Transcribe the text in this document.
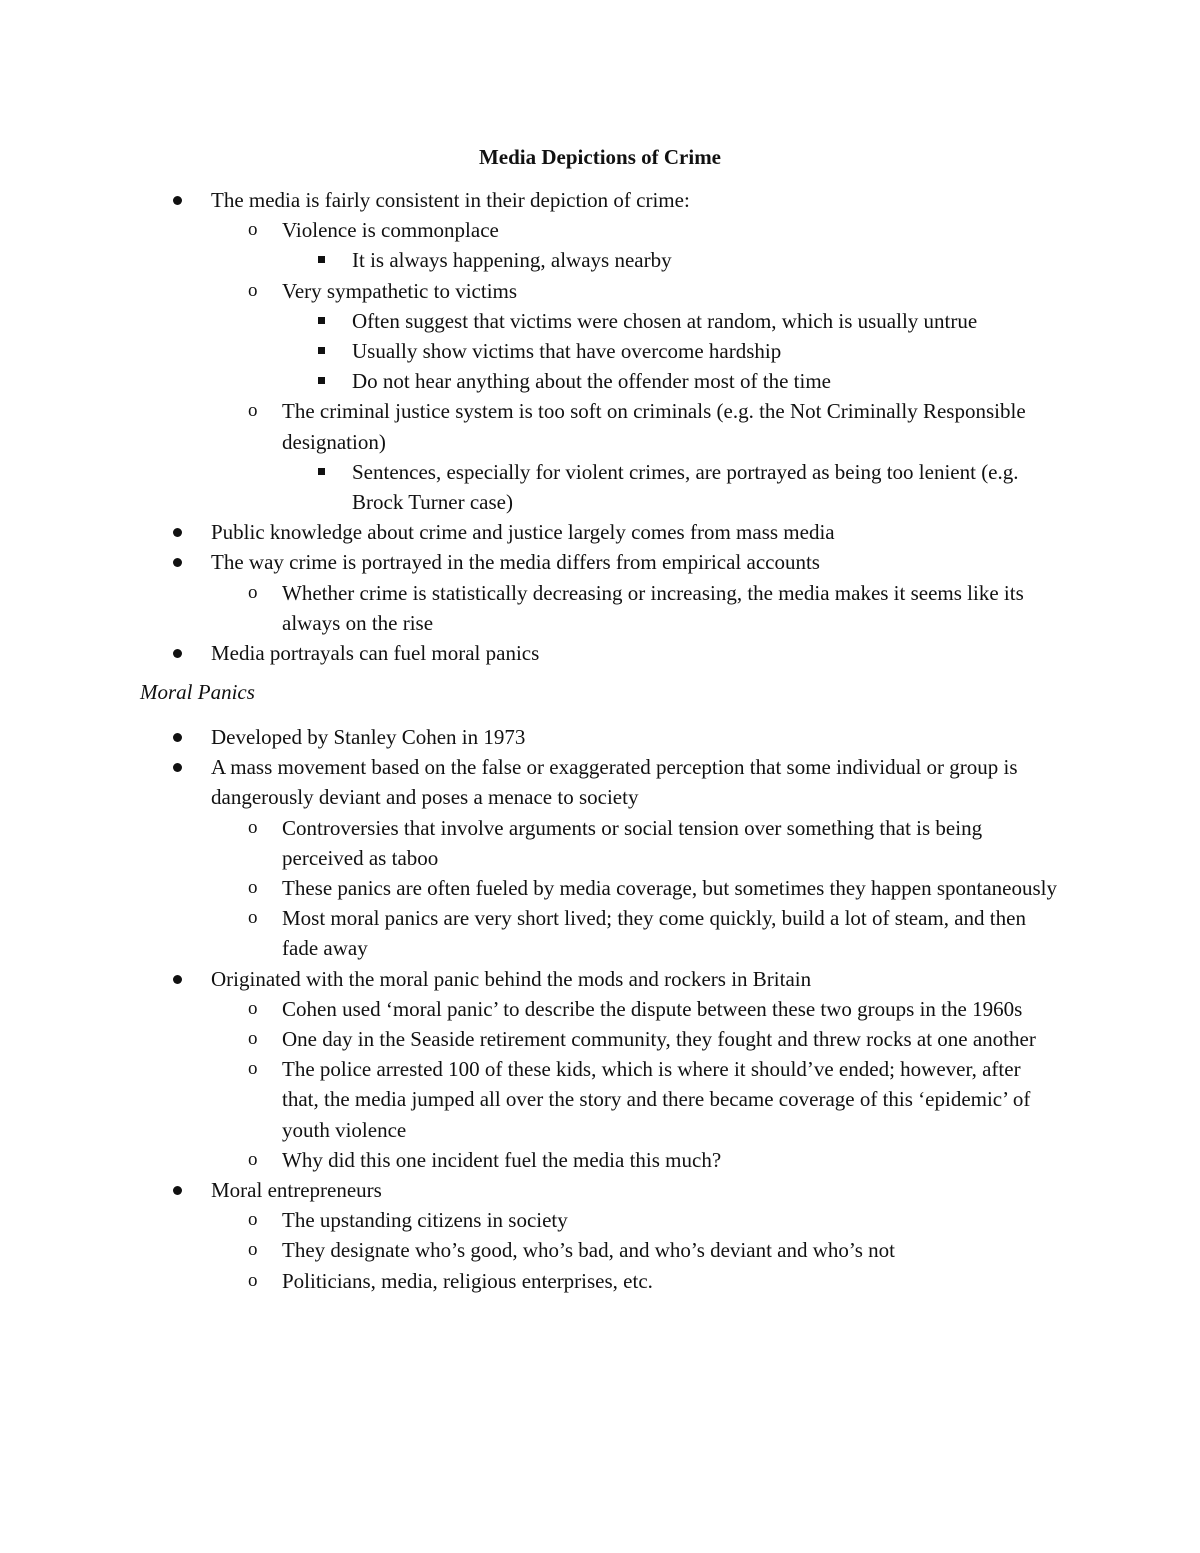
Media Depictions of Crime
The media is fairly consistent in their depiction of crime:
o Violence is commonplace
It is always happening, always nearby
o Very sympathetic to victims
Often suggest that victims were chosen at random, which is usually untrue
Usually show victims that have overcome hardship
Do not hear anything about the offender most of the time
o The criminal justice system is too soft on criminals (e.g. the Not Criminally Responsible designation)
Sentences, especially for violent crimes, are portrayed as being too lenient (e.g. Brock Turner case)
Public knowledge about crime and justice largely comes from mass media
The way crime is portrayed in the media differs from empirical accounts
o Whether crime is statistically decreasing or increasing, the media makes it seems like its always on the rise
Media portrayals can fuel moral panics
Moral Panics
Developed by Stanley Cohen in 1973
A mass movement based on the false or exaggerated perception that some individual or group is dangerously deviant and poses a menace to society
o Controversies that involve arguments or social tension over something that is being perceived as taboo
o These panics are often fueled by media coverage, but sometimes they happen spontaneously
o Most moral panics are very short lived; they come quickly, build a lot of steam, and then fade away
Originated with the moral panic behind the mods and rockers in Britain
o Cohen used ‘moral panic’ to describe the dispute between these two groups in the 1960s
o One day in the Seaside retirement community, they fought and threw rocks at one another
o The police arrested 100 of these kids, which is where it should’ve ended; however, after that, the media jumped all over the story and there became coverage of this ‘epidemic’ of youth violence
o Why did this one incident fuel the media this much?
Moral entrepreneurs
o The upstanding citizens in society
o They designate who’s good, who’s bad, and who’s deviant and who’s not
o Politicians, media, religious enterprises, etc.
